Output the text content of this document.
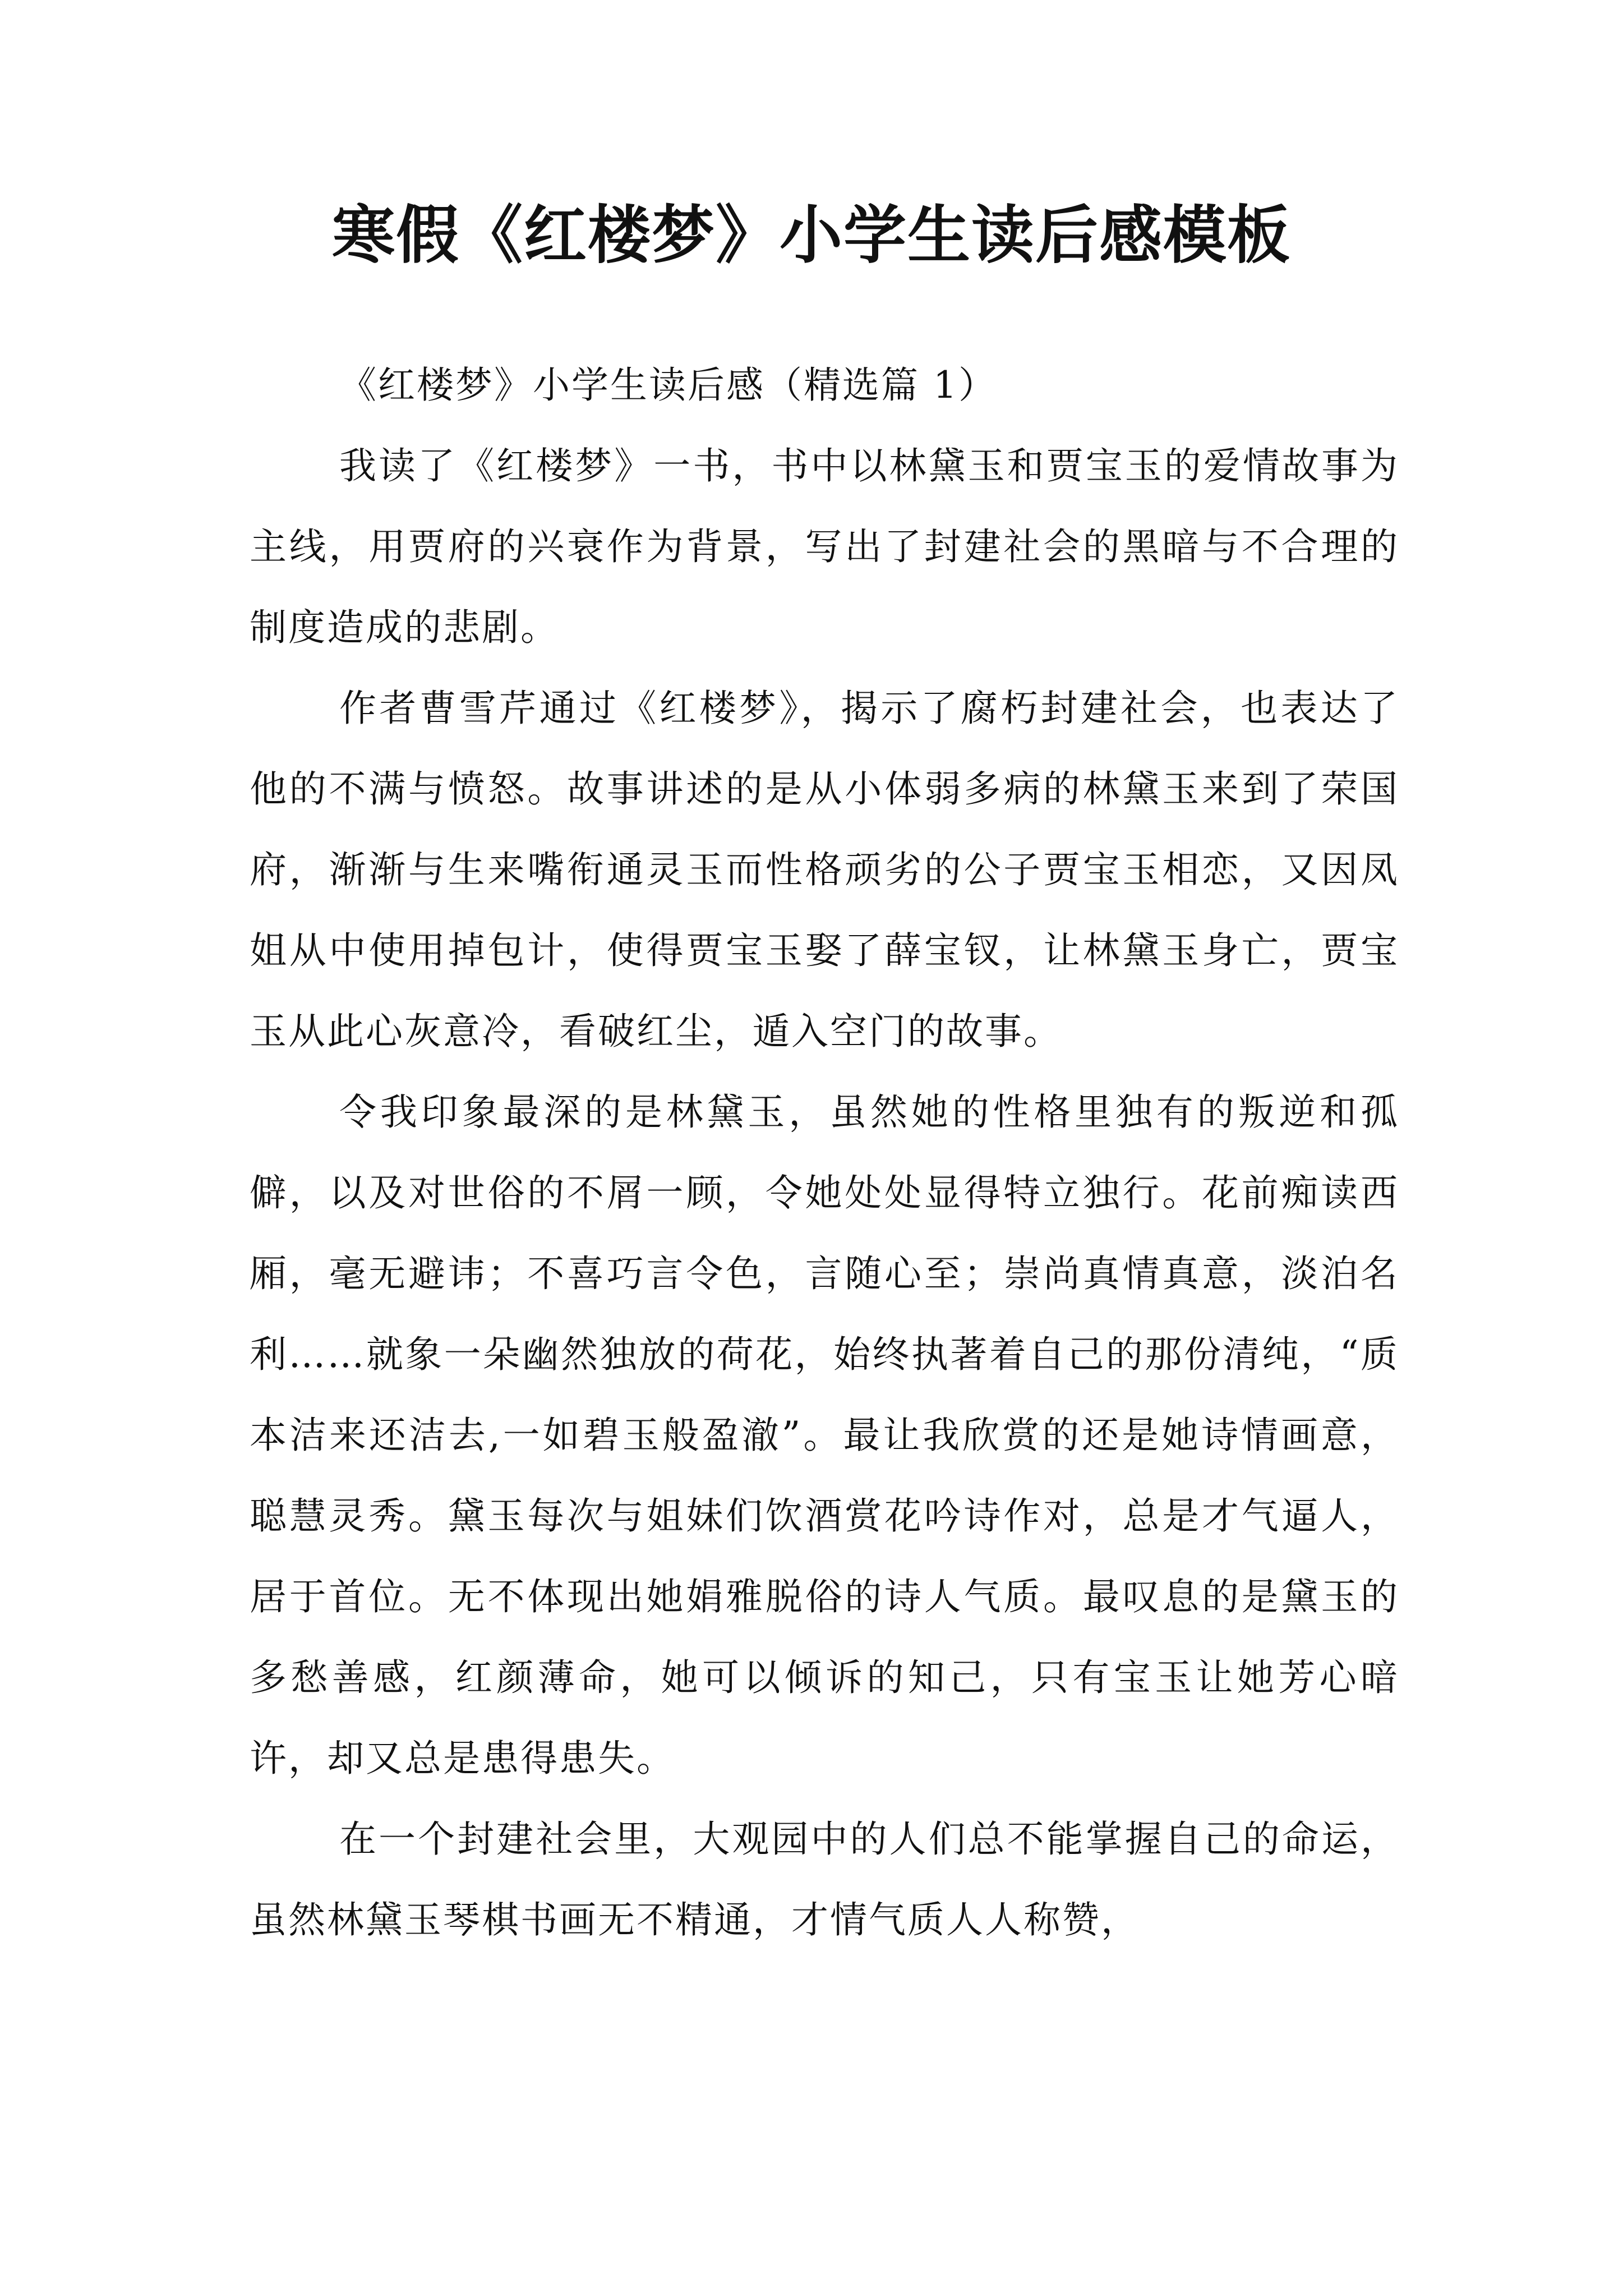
寒假《红楼梦》小学生读后感模板

《红楼梦》小学生读后感（精选篇 1）

我读了《红楼梦》一书，书中以林黛玉和贾宝玉的爱情故事为主线，用贾府的兴衰作为背景，写出了封建社会的黑暗与不合理的制度造成的悲剧。

作者曹雪芹通过《红楼梦》，揭示了腐朽封建社会，也表达了他的不满与愤怒。故事讲述的是从小体弱多病的林黛玉来到了荣国府，渐渐与生来嘴衔通灵玉而性格顽劣的公子贾宝玉相恋，又因凤姐从中使用掉包计，使得贾宝玉娶了薛宝钗，让林黛玉身亡，贾宝玉从此心灰意冷，看破红尘，遁入空门的故事。

令我印象最深的是林黛玉，虽然她的性格里独有的叛逆和孤僻，以及对世俗的不屑一顾，令她处处显得特立独行。花前痴读西厢，毫无避讳；不喜巧言令色，言随心至；崇尚真情真意，淡泊名利……就象一朵幽然独放的荷花，始终执著着自己的那份清纯，“质本洁来还洁去,一如碧玉般盈澈”。最让我欣赏的还是她诗情画意，聪慧灵秀。黛玉每次与姐妹们饮酒赏花吟诗作对，总是才气逼人，居于首位。无不体现出她娟雅脱俗的诗人气质。最叹息的是黛玉的多愁善感，红颜薄命，她可以倾诉的知己，只有宝玉让她芳心暗许，却又总是患得患失。

在一个封建社会里，大观园中的人们总不能掌握自己的命运，虽然林黛玉琴棋书画无不精通，才情气质人人称赞，
